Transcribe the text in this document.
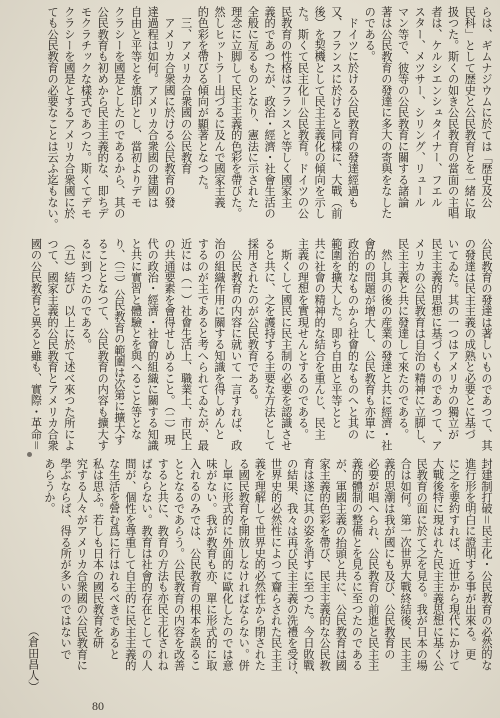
らは、ギムナジウムに於ては「歴史及公
民科」として歴史と公民教育とを一緒に取
扱つた。斯くの如き公民教育の當面の主唱
者は、ケルシエンシュタイナー、フエル
スター、メツサー、シリング、リュール
マン等で、彼等の公民教育に關する諸論
著は公民教育の發達に多大の寄與をなした
のである。
　ドイツに於ける公民教育の發達經過も
又、フランスに於けると同樣に、大戰（前
後）を契機として民主主義化の傾向を示し
た。斯くて民主化＝公民教育。ドイツの公
民教育の性格はフランスと等しく國家主
義的であつたが、政治・經濟・社會生活の
全般に亙るものとなり、憲法に示された
理念に立脚して民主主義的色彩を帶びた。
然しヒットラー出づるに及んで國家主義
的色彩を帶びる傾向が顯著となつた。
　三、アメリカ合衆國の公民教育
　アメリカ合衆國に於ける公民教育の發
達過程は如何。アメリカ合衆國の建國は
自由と平等とを旗印とし、當初よりデモ
クラシーを國是としたのであるから、其の
公民教育も初めから民主主義的な、即ちデ
モクラチックな樣式であつた。斯くてデモ
クラシーを國是とするアメリカ合衆國に於
ても公民教育の必要なことは云ふ迄もない。
公民教育の發達は著しいものであつて、其
の發達は民主主義の成熟と必要とに基づ
いてゐた。其の一つはアメリカの獨立が
民主主義的思想に基づくものであつて、ア
メリカの公民教育は自治の精神に立脚し、
民主主義と共に發達して來たのである。
　然し其の後の産業の發達と共に經濟・社
會的の問題が增大し、公民教育も亦單に
政治的なものから社會的なものへと其の
範圍を擴大した。即ち自由と平等とと
共に社會の精神的な結合を重んじ、民主
主義の理想を實現せんとするのである。
　斯くして國民に民主制の必要を認識させ
ると共に、之を護持する主要な方法として
採用されたのが公民教育である。
　公民教育の内容に就いて一言すれば、政
治の組織作用に關する知識を得しめんと
するのが主であると考へられてゐたが、最
近には（一）社會生活上、職業上、市民上
の共通要素を會得せしめること。（二）現
代の政治・經濟・社會的組織に關する知識
と共に實習と體驗とを與へること等とな
り、（三）公民教育の範圍は次第に擴大す
ることとなつて、公民教育の内容も擴大す
るに到つたのである。
（五）結び　以上に於て述べ來つた所によ
つて、國家主義的公民教育とアメリカ合衆
國の公民教育と異ると雖も、實際・革命＝
封建制打破＝民主化・公民教育の必然的な
進行形を明白に證明する事が出來る。更
に之を要約すれば、近世から現代にかけて
大戰後特に現はれた民主主義思想に基く公
民教育の面に於て之を見る。我が日本の場
合は如何。第一次世界大戰終結後、民主主
義的思潮は我が國にも及び、公民教育の
必要が唱へられ、公民教育の前進と民主主
義的體制の整備とを見るに至つたのである
が、軍國主義の抬頭と共に、公民教育は國
家主義的色彩を帶び、民主主義的な公民教
育は遂に其の姿を消すに至つた。今日敗戰
の結果、我々は再び民主主義の洗禮を受け、
世界史的必然性によつて齎らされた民主主
義を理解して世界史的必然性から閉された
る國民教育を開放しなければならない。併
し單に形式的に外面的に歐化したのでは意
味がない。我が教育も亦、單に形式的に取
入れるのみでは、公民教育の根本を誤るこ
ととなるであらう。公民教育の内容を改善
すると共に、教育の方法も亦民主化されね
ばならない。教育は社會的存在としての人
間が、個性を尊重して自主的に民主主義的
な生活を營む爲に行はれるべきであると
私は思ふ。若しも日本の國民教育を研
究する人々がアメリカ合衆國の公民教育に
學ぶならば、得る所が多いのではないで
あらうか。
（倉田昌人）
80
